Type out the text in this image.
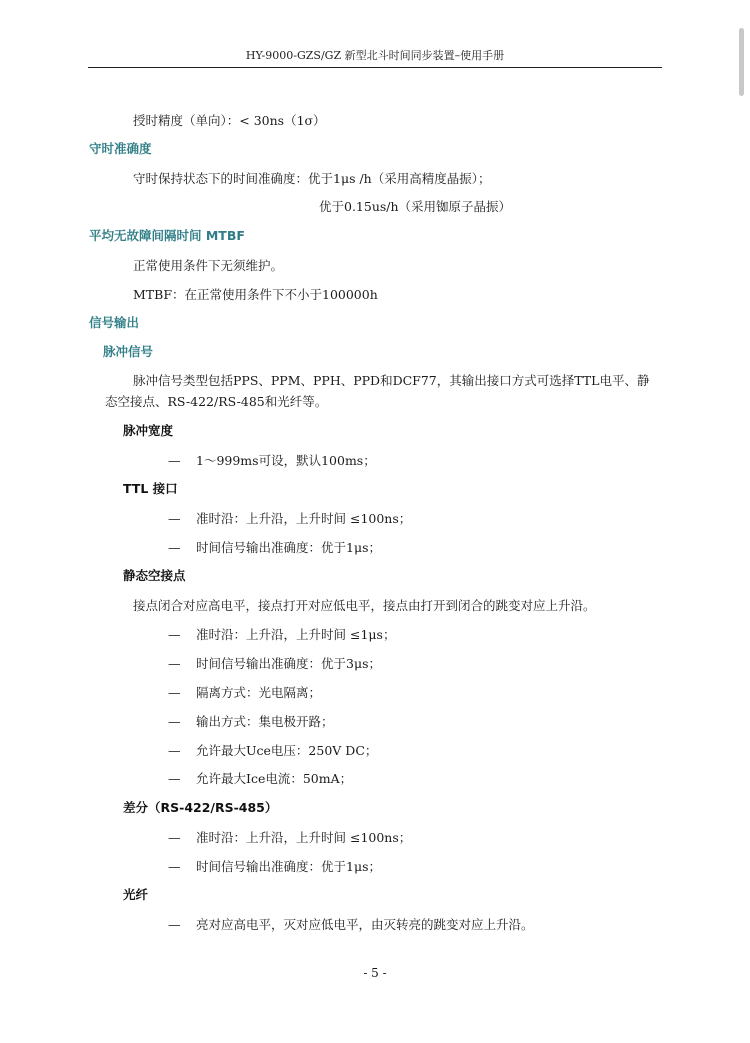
HY-9000-GZS/GZ 新型北斗时间同步装置–使用手册
授时精度（单向）：< 30ns（1σ）
守时准确度
守时保持状态下的时间准确度：优于1μs /h（采用高精度晶振）；
优于0.15us/h（采用铷原子晶振）
平均无故障间隔时间 MTBF
正常使用条件下无须维护。
MTBF：在正常使用条件下不小于100000h
信号输出
脉冲信号
脉冲信号类型包括PPS、PPM、PPH、PPD和DCF77，其输出接口方式可选择TTL电平、静
态空接点、RS-422/RS-485和光纤等。
脉冲宽度
— 1～999ms可设，默认100ms；
TTL 接口
— 准时沿：上升沿，上升时间 ≤100ns；
— 时间信号输出准确度：优于1μs；
静态空接点
接点闭合对应高电平，接点打开对应低电平，接点由打开到闭合的跳变对应上升沿。
— 准时沿：上升沿，上升时间 ≤1μs；
— 时间信号输出准确度：优于3μs；
— 隔离方式：光电隔离；
— 输出方式：集电极开路；
— 允许最大Uce电压：250V DC；
— 允许最大Ice电流：50mA；
差分（RS-422/RS-485）
— 准时沿：上升沿，上升时间 ≤100ns；
— 时间信号输出准确度：优于1μs；
光纤
— 亮对应高电平，灭对应低电平，由灭转亮的跳变对应上升沿。
- 5 -
